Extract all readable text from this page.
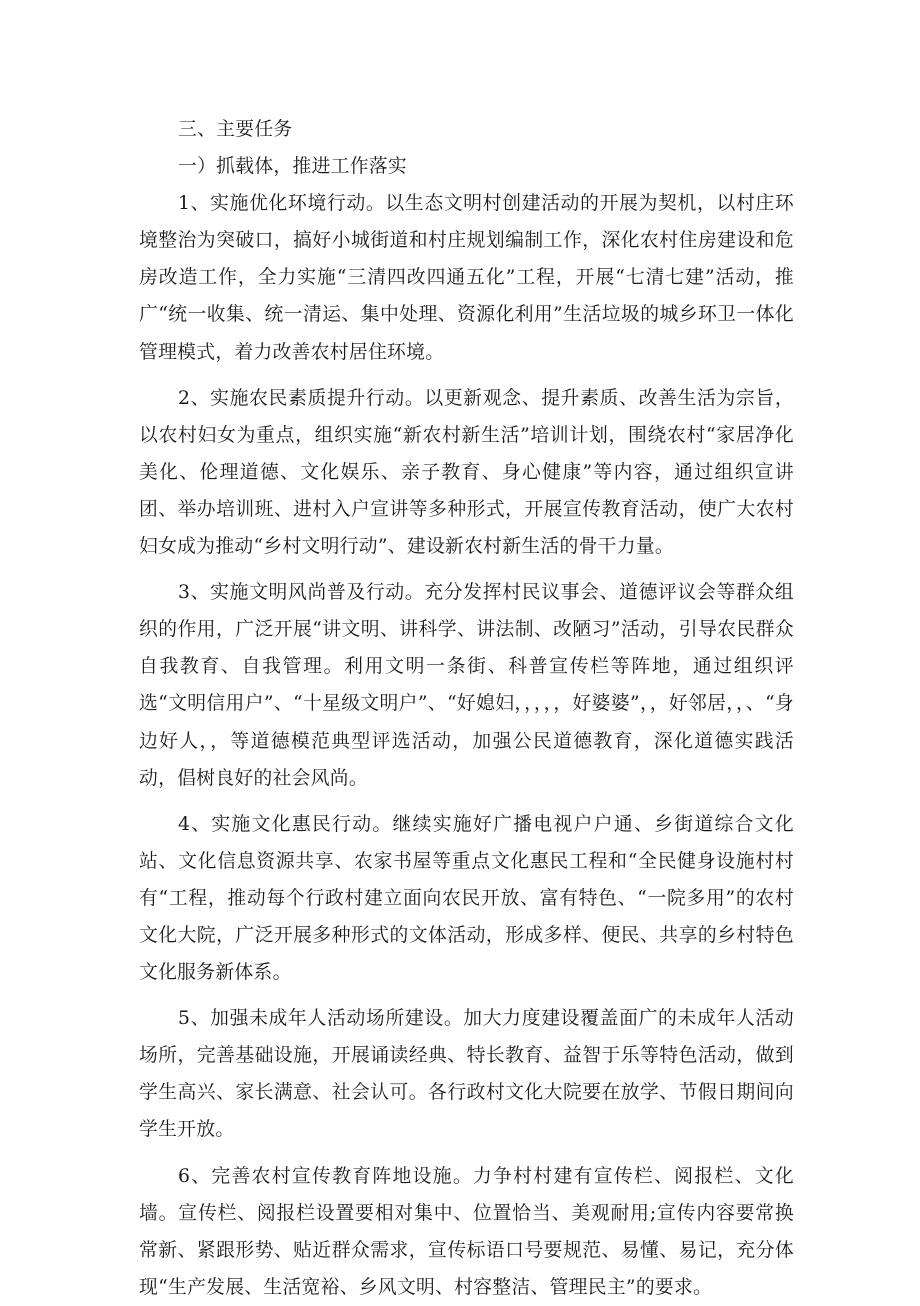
三、主要任务

一）抓载体，推进工作落实

1、实施优化环境行动。以生态文明村创建活动的开展为契机，以村庄环境整治为突破口，搞好小城街道和村庄规划编制工作，深化农村住房建设和危房改造工作，全力实施“三清四改四通五化”工程，开展“七清七建”活动，推广“统一收集、统一清运、集中处理、资源化利用”生活垃圾的城乡环卫一体化管理模式，着力改善农村居住环境。

2、实施农民素质提升行动。以更新观念、提升素质、改善生活为宗旨，以农村妇女为重点，组织实施“新农村新生活”培训计划，围绕农村“家居净化美化、伦理道德、文化娱乐、亲子教育、身心健康”等内容，通过组织宣讲团、举办培训班、进村入户宣讲等多种形式，开展宣传教育活动，使广大农村妇女成为推动“乡村文明行动”、建设新农村新生活的骨干力量。

3、实施文明风尚普及行动。充分发挥村民议事会、道德评议会等群众组织的作用，广泛开展“讲文明、讲科学、讲法制、改陋习”活动，引导农民群众自我教育、自我管理。利用文明一条街、科普宣传栏等阵地，通过组织评选“文明信用户”、“十星级文明户”、“好媳妇，，，，，好婆婆”，，好邻居，，、“身边好人，，等道德模范典型评选活动，加强公民道德教育，深化道德实践活动，倡树良好的社会风尚。

4、实施文化惠民行动。继续实施好广播电视户户通、乡街道综合文化站、文化信息资源共享、农家书屋等重点文化惠民工程和“全民健身设施村村有“工程，推动每个行政村建立面向农民开放、富有特色、“一院多用”的农村文化大院，广泛开展多种形式的文体活动，形成多样、便民、共享的乡村特色文化服务新体系。

5、加强未成年人活动场所建设。加大力度建设覆盖面广的未成年人活动场所，完善基础设施，开展诵读经典、特长教育、益智于乐等特色活动，做到学生高兴、家长满意、社会认可。各行政村文化大院要在放学、节假日期间向学生开放。

6、完善农村宣传教育阵地设施。力争村村建有宣传栏、阅报栏、文化墙。宣传栏、阅报栏设置要相对集中、位置恰当、美观耐用;宣传内容要常换常新、紧跟形势、贴近群众需求，宣传标语口号要规范、易懂、易记，充分体现“生产发展、生活宽裕、乡风文明、村容整洁、管理民主”的要求。
